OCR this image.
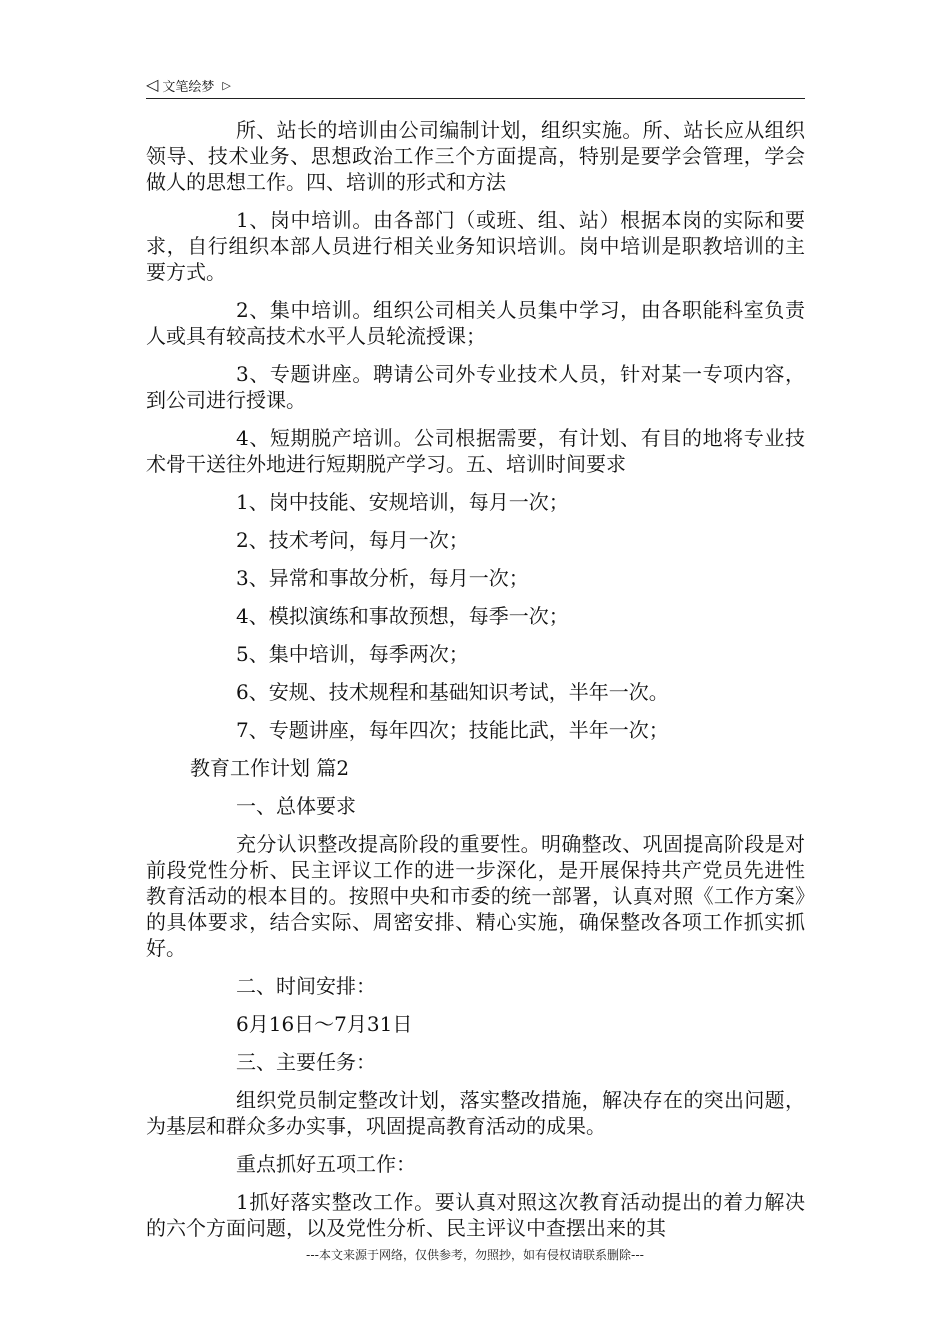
◁ 文笔绘梦 ▷

所、站长的培训由公司编制计划，组织实施。所、站长应从组织领导、技术业务、思想政治工作三个方面提高，特别是要学会管理，学会做人的思想工作。四、培训的形式和方法

1、岗中培训。由各部门（或班、组、站）根据本岗的实际和要求，自行组织本部人员进行相关业务知识培训。岗中培训是职教培训的主要方式。

2、集中培训。组织公司相关人员集中学习，由各职能科室负责人或具有较高技术水平人员轮流授课；

3、专题讲座。聘请公司外专业技术人员，针对某一专项内容，到公司进行授课。

4、短期脱产培训。公司根据需要，有计划、有目的地将专业技术骨干送往外地进行短期脱产学习。五、培训时间要求

1、岗中技能、安规培训，每月一次；

2、技术考问，每月一次；

3、异常和事故分析，每月一次；

4、模拟演练和事故预想，每季一次；

5、集中培训，每季两次；

6、安规、技术规程和基础知识考试，半年一次。

7、专题讲座，每年四次；技能比武，半年一次；

教育工作计划 篇2

一、总体要求

充分认识整改提高阶段的重要性。明确整改、巩固提高阶段是对前段党性分析、民主评议工作的进一步深化，是开展保持共产党员先进性教育活动的根本目的。按照中央和市委的统一部署，认真对照《工作方案》的具体要求，结合实际、周密安排、精心实施，确保整改各项工作抓实抓好。

二、时间安排：

6月16日～7月31日

三、主要任务：

组织党员制定整改计划，落实整改措施，解决存在的突出问题，为基层和群众多办实事，巩固提高教育活动的成果。

重点抓好五项工作：

1抓好落实整改工作。要认真对照这次教育活动提出的着力解决的六个方面问题，以及党性分析、民主评议中查摆出来的其

---本文来源于网络，仅供参考，勿照抄，如有侵权请联系删除---
